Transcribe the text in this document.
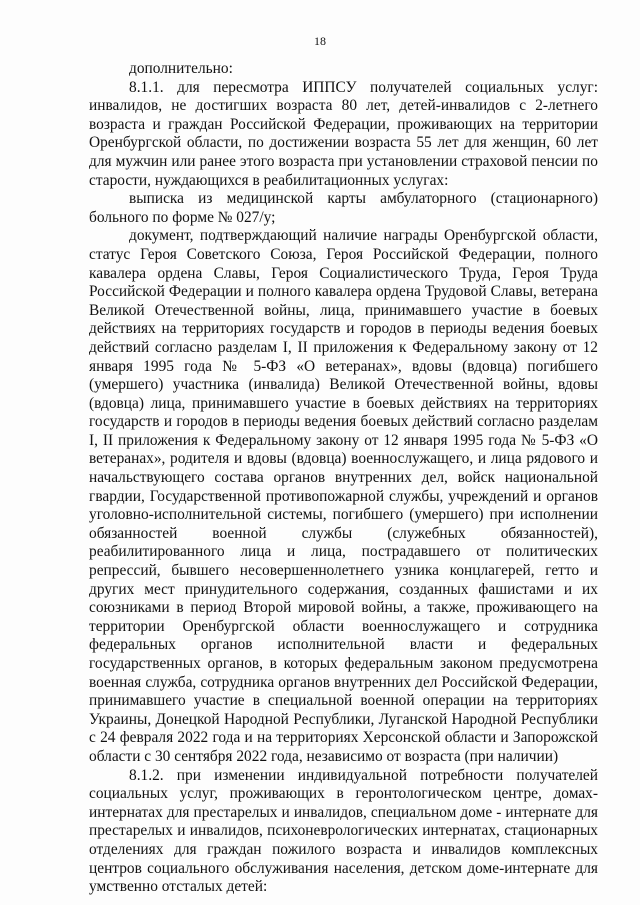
18

дополнительно:

8.1.1. для пересмотра ИППСУ получателей социальных услуг: инвалидов, не достигших возраста 80 лет, детей-инвалидов с 2-летнего возраста и граждан Российской Федерации, проживающих на территории Оренбургской области, по достижении возраста 55 лет для женщин, 60 лет для мужчин или ранее этого возраста при установлении страховой пенсии по старости, нуждающихся в реабилитационных услугах:

выписка из медицинской карты амбулаторного (стационарного) больного по форме № 027/у;

документ, подтверждающий наличие награды Оренбургской области, статус Героя Советского Союза, Героя Российской Федерации, полного кавалера ордена Славы, Героя Социалистического Труда, Героя Труда Российской Федерации и полного кавалера ордена Трудовой Славы, ветерана Великой Отечественной войны, лица, принимавшего участие в боевых действиях на территориях государств и городов в периоды ведения боевых действий согласно разделам I, II приложения к Федеральному закону от 12 января 1995 года № 5-ФЗ «О ветеранах», вдовы (вдовца) погибшего (умершего) участника (инвалида) Великой Отечественной войны, вдовы (вдовца) лица, принимавшего участие в боевых действиях на территориях государств и городов в периоды ведения боевых действий согласно разделам I, II приложения к Федеральному закону от 12 января 1995 года № 5-ФЗ «О ветеранах», родителя и вдовы (вдовца) военнослужащего, и лица рядового и начальствующего состава органов внутренних дел, войск национальной гвардии, Государственной противопожарной службы, учреждений и органов уголовно-исполнительной системы, погибшего (умершего) при исполнении обязанностей военной службы (служебных обязанностей), реабилитированного лица и лица, пострадавшего от политических репрессий, бывшего несовершеннолетнего узника концлагерей, гетто и других мест принудительного содержания, созданных фашистами и их союзниками в период Второй мировой войны, а также, проживающего на территории Оренбургской области военнослужащего и сотрудника федеральных органов исполнительной власти и федеральных государственных органов, в которых федеральным законом предусмотрена военная служба, сотрудника органов внутренних дел Российской Федерации, принимавшего участие в специальной военной операции на территориях Украины, Донецкой Народной Республики, Луганской Народной Республики с 24 февраля 2022 года и на территориях Херсонской области и Запорожской области с 30 сентября 2022 года, независимо от возраста (при наличии)

8.1.2. при изменении индивидуальной потребности получателей социальных услуг, проживающих в геронтологическом центре, домах-интернатах для престарелых и инвалидов, специальном доме - интернате для престарелых и инвалидов, психоневрологических интернатах, стационарных отделениях для граждан пожилого возраста и инвалидов комплексных центров социального обслуживания населения, детском доме-интернате для умственно отсталых детей:
